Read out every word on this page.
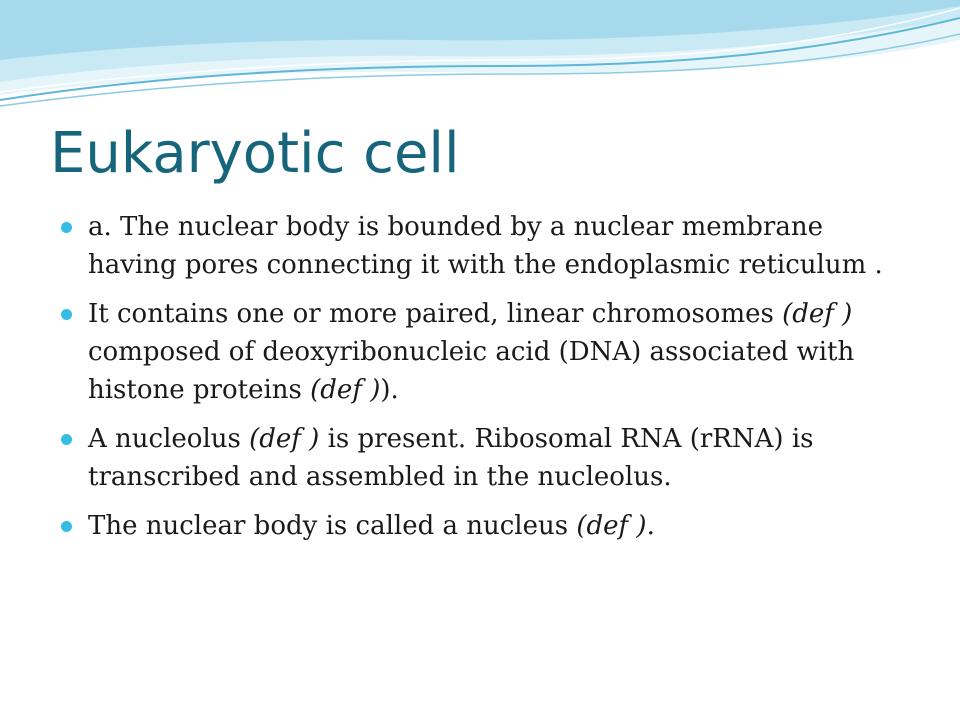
Eukaryotic cell
a. The nuclear body is bounded by a nuclear membrane having pores connecting it with the endoplasmic reticulum .
It contains one or more paired, linear chromosomes (def ) composed of deoxyribonucleic acid (DNA) associated with histone proteins (def )).
A nucleolus (def ) is present. Ribosomal RNA (rRNA) is transcribed and assembled in the nucleolus.
The nuclear body is called a nucleus (def ).
